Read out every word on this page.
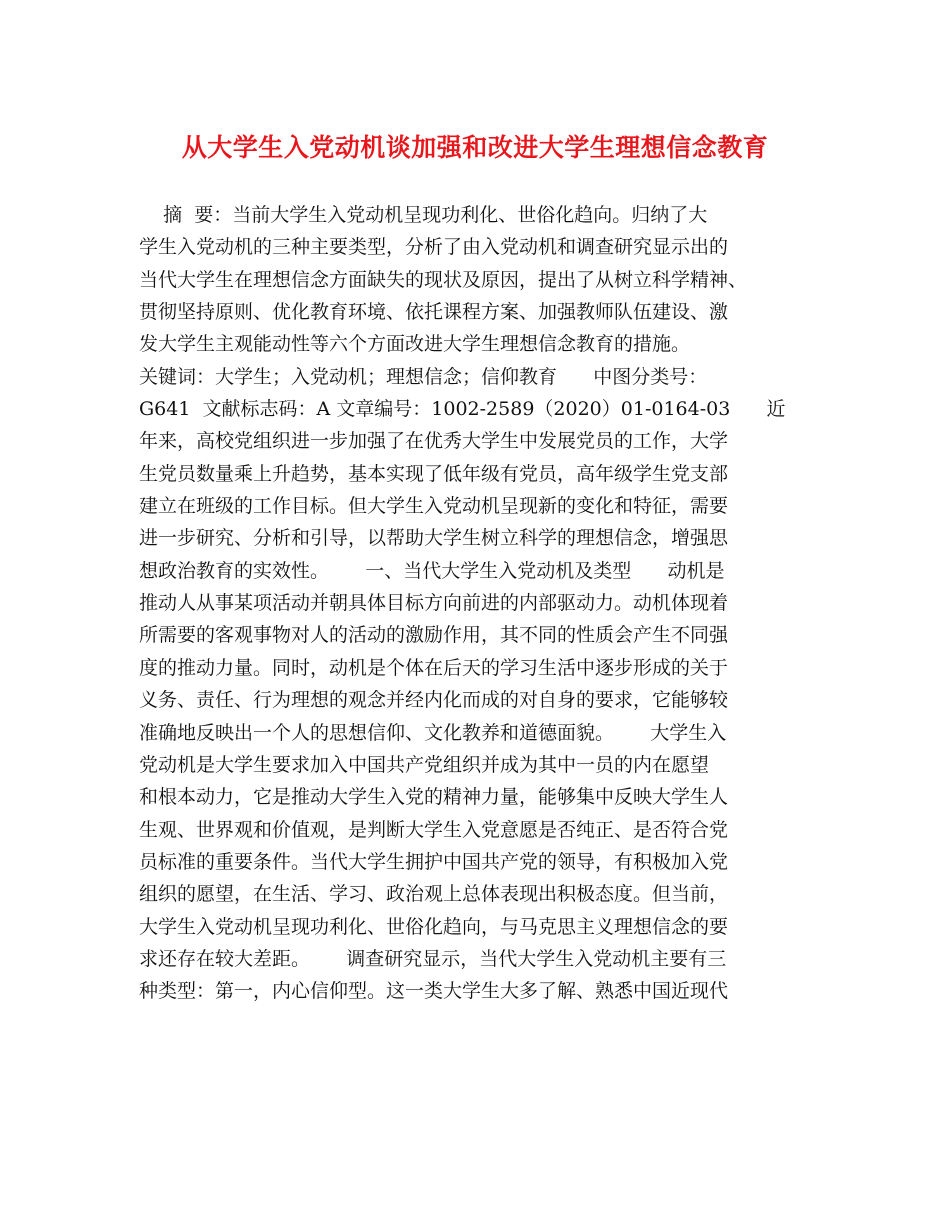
从大学生入党动机谈加强和改进大学生理想信念教育
摘  要：当前大学生入党动机呈现功利化、世俗化趋向。归纳了大
学生入党动机的三种主要类型，分析了由入党动机和调查研究显示出的
当代大学生在理想信念方面缺失的现状及原因，提出了从树立科学精神、
贯彻坚持原则、优化教育环境、依托课程方案、加强教师队伍建设、激
发大学生主观能动性等六个方面改进大学生理想信念教育的措施。
关键词：大学生；入党动机；理想信念；信仰教育      中图分类号：
G641  文献标志码：A 文章编号：1002-2589（2020）01-0164-03      近
年来，高校党组织进一步加强了在优秀大学生中发展党员的工作，大学
生党员数量乘上升趋势，基本实现了低年级有党员，高年级学生党支部
建立在班级的工作目标。但大学生入党动机呈现新的变化和特征，需要
进一步研究、分析和引导，以帮助大学生树立科学的理想信念，增强思
想政治教育的实效性。      一、当代大学生入党动机及类型      动机是
推动人从事某项活动并朝具体目标方向前进的内部驱动力。动机体现着
所需要的客观事物对人的活动的激励作用，其不同的性质会产生不同强
度的推动力量。同时，动机是个体在后天的学习生活中逐步形成的关于
义务、责任、行为理想的观念并经内化而成的对自身的要求，它能够较
准确地反映出一个人的思想信仰、文化教养和道德面貌。      大学生入
党动机是大学生要求加入中国共产党组织并成为其中一员的内在愿望
和根本动力，它是推动大学生入党的精神力量，能够集中反映大学生人
生观、世界观和价值观，是判断大学生入党意愿是否纯正、是否符合党
员标准的重要条件。当代大学生拥护中国共产党的领导，有积极加入党
组织的愿望，在生活、学习、政治观上总体表现出积极态度。但当前，
大学生入党动机呈现功利化、世俗化趋向，与马克思主义理想信念的要
求还存在较大差距。      调查研究显示，当代大学生入党动机主要有三
种类型：第一，内心信仰型。这一类大学生大多了解、熟悉中国近现代
